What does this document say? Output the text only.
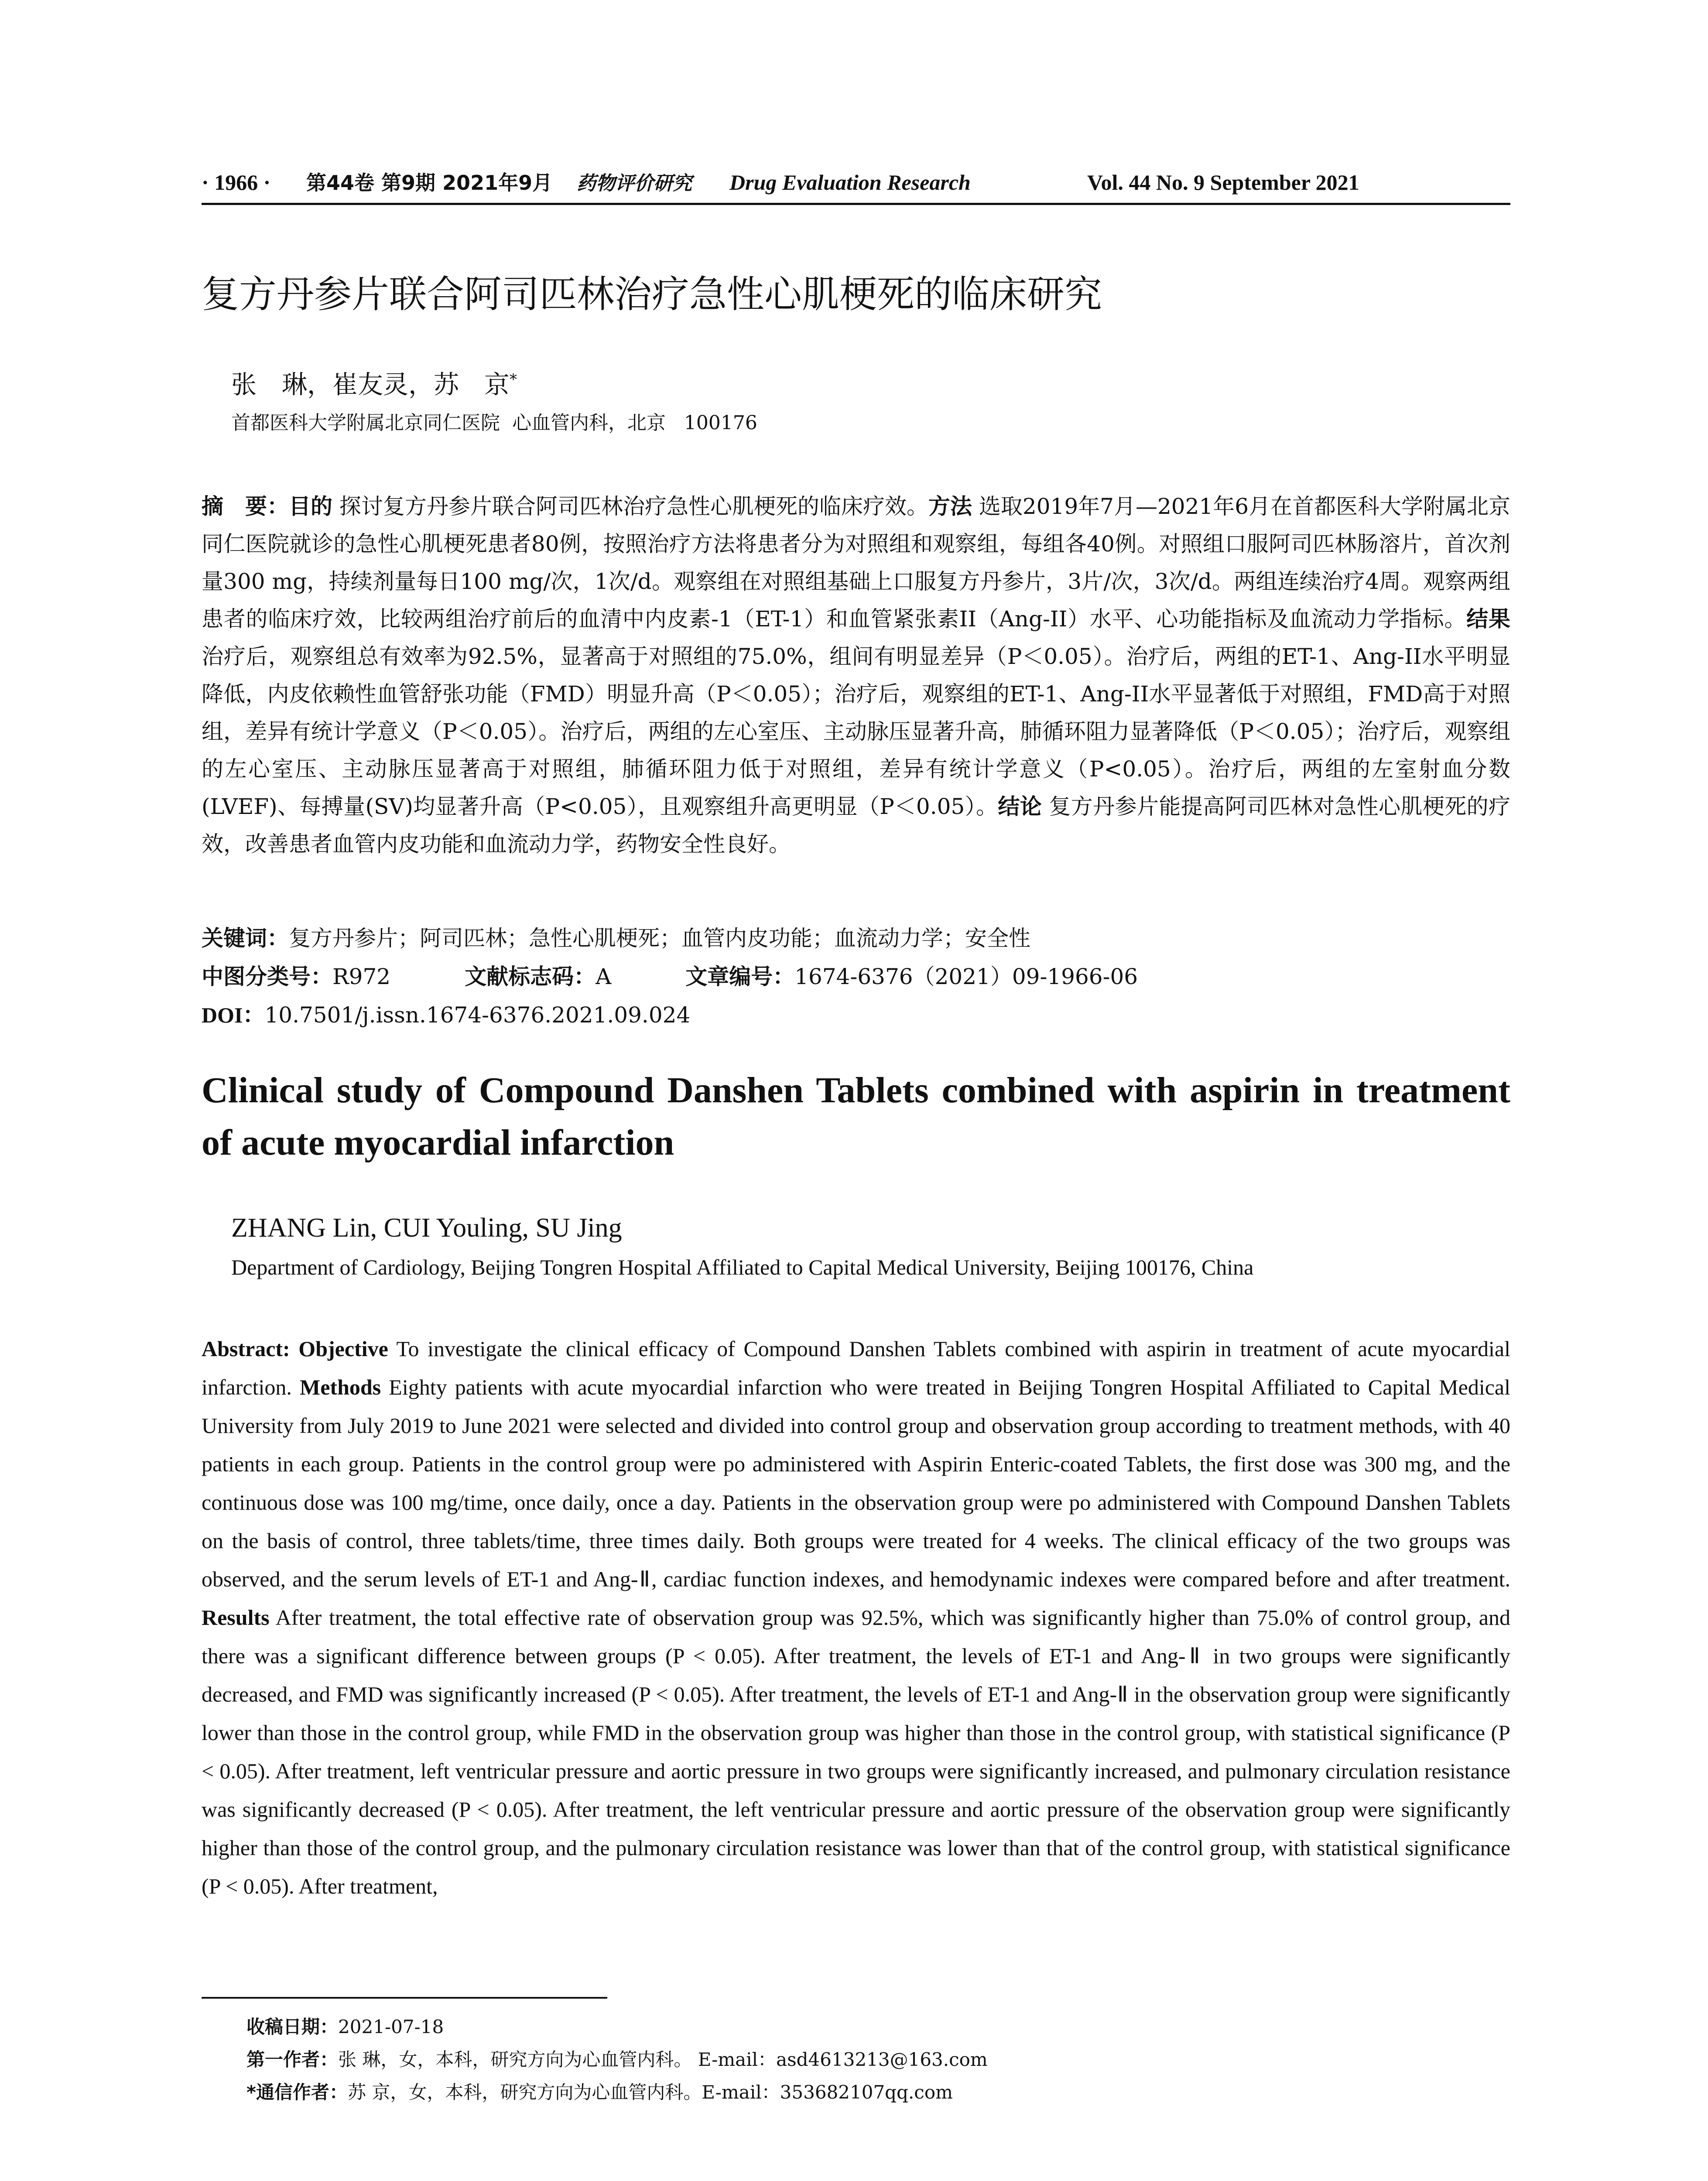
· 1966 · 第44卷 第9期 2021年9月 药物评价研究 Drug Evaluation Research	Vol. 44 No. 9 September 2021
复方丹参片联合阿司匹林治疗急性心肌梗死的临床研究
张　琳，崔友灵，苏　京*
首都医科大学附属北京同仁医院  心血管内科，北京   100176
摘　要：目的 探讨复方丹参片联合阿司匹林治疗急性心肌梗死的临床疗效。方法 选取2019年7月—2021年6月在首都医科大学附属北京同仁医院就诊的急性心肌梗死患者80例，按照治疗方法将患者分为对照组和观察组，每组各40例。对照组口服阿司匹林肠溶片，首次剂量300 mg，持续剂量每日100 mg/次，1次/d。观察组在对照组基础上口服复方丹参片，3片/次，3次/d。两组连续治疗4周。观察两组患者的临床疗效，比较两组治疗前后的血清中内皮素-1（ET-1）和血管紧张素II（Ang-II）水平、心功能指标及血流动力学指标。结果 治疗后，观察组总有效率为92.5%，显著高于对照组的75.0%，组间有明显差异（P＜0.05）。治疗后，两组的ET-1、Ang-II水平明显降低，内皮依赖性血管舒张功能（FMD）明显升高（P＜0.05）；治疗后，观察组的ET-1、Ang-II水平显著低于对照组，FMD高于对照组，差异有统计学意义（P＜0.05）。治疗后，两组的左心室压、主动脉压显著升高，肺循环阻力显著降低（P＜0.05）；治疗后，观察组的左心室压、主动脉压显著高于对照组，肺循环阻力低于对照组，差异有统计学意义（P<0.05）。治疗后，两组的左室射血分数(LVEF)、每搏量(SV)均显著升高（P<0.05），且观察组升高更明显（P＜0.05）。结论 复方丹参片能提高阿司匹林对急性心肌梗死的疗效，改善患者血管内皮功能和血流动力学，药物安全性良好。
关键词：复方丹参片；阿司匹林；急性心肌梗死；血管内皮功能；血流动力学；安全性
中图分类号：R972	文献标志码：A	文章编号：1674-6376（2021）09-1966-06
DOI：10.7501/j.issn.1674-6376.2021.09.024
Clinical study of Compound Danshen Tablets combined with aspirin in treatment of acute myocardial infarction
ZHANG Lin, CUI Youling, SU Jing
Department of Cardiology, Beijing Tongren Hospital Affiliated to Capital Medical University, Beijing 100176, China
Abstract: Objective To investigate the clinical efficacy of Compound Danshen Tablets combined with aspirin in treatment of acute myocardial infarction. Methods Eighty patients with acute myocardial infarction who were treated in Beijing Tongren Hospital Affiliated to Capital Medical University from July 2019 to June 2021 were selected and divided into control group and observation group according to treatment methods, with 40 patients in each group. Patients in the control group were po administered with Aspirin Enteric-coated Tablets, the first dose was 300 mg, and the continuous dose was 100 mg/time, once daily, once a day. Patients in the observation group were po administered with Compound Danshen Tablets on the basis of control, three tablets/time, three times daily. Both groups were treated for 4 weeks. The clinical efficacy of the two groups was observed, and the serum levels of ET-1 and Ang-Ⅱ, cardiac function indexes, and hemodynamic indexes were compared before and after treatment. Results After treatment, the total effective rate of observation group was 92.5%, which was significantly higher than 75.0% of control group, and there was a significant difference between groups (P < 0.05). After treatment, the levels of ET-1 and Ang-Ⅱ in two groups were significantly decreased, and FMD was significantly increased (P < 0.05). After treatment, the levels of ET-1 and Ang-Ⅱ in the observation group were significantly lower than those in the control group, while FMD in the observation group was higher than those in the control group, with statistical significance (P < 0.05). After treatment, left ventricular pressure and aortic pressure in two groups were significantly increased, and pulmonary circulation resistance was significantly decreased (P < 0.05). After treatment, the left ventricular pressure and aortic pressure of the observation group were significantly higher than those of the control group, and the pulmonary circulation resistance was lower than that of the control group, with statistical significance (P < 0.05). After treatment,
收稿日期：2021-07-18
第一作者：张 琳，女，本科，研究方向为心血管内科。 E-mail：asd4613213@163.com
*通信作者：苏 京，女，本科，研究方向为心血管内科。E-mail：353682107qq.com
